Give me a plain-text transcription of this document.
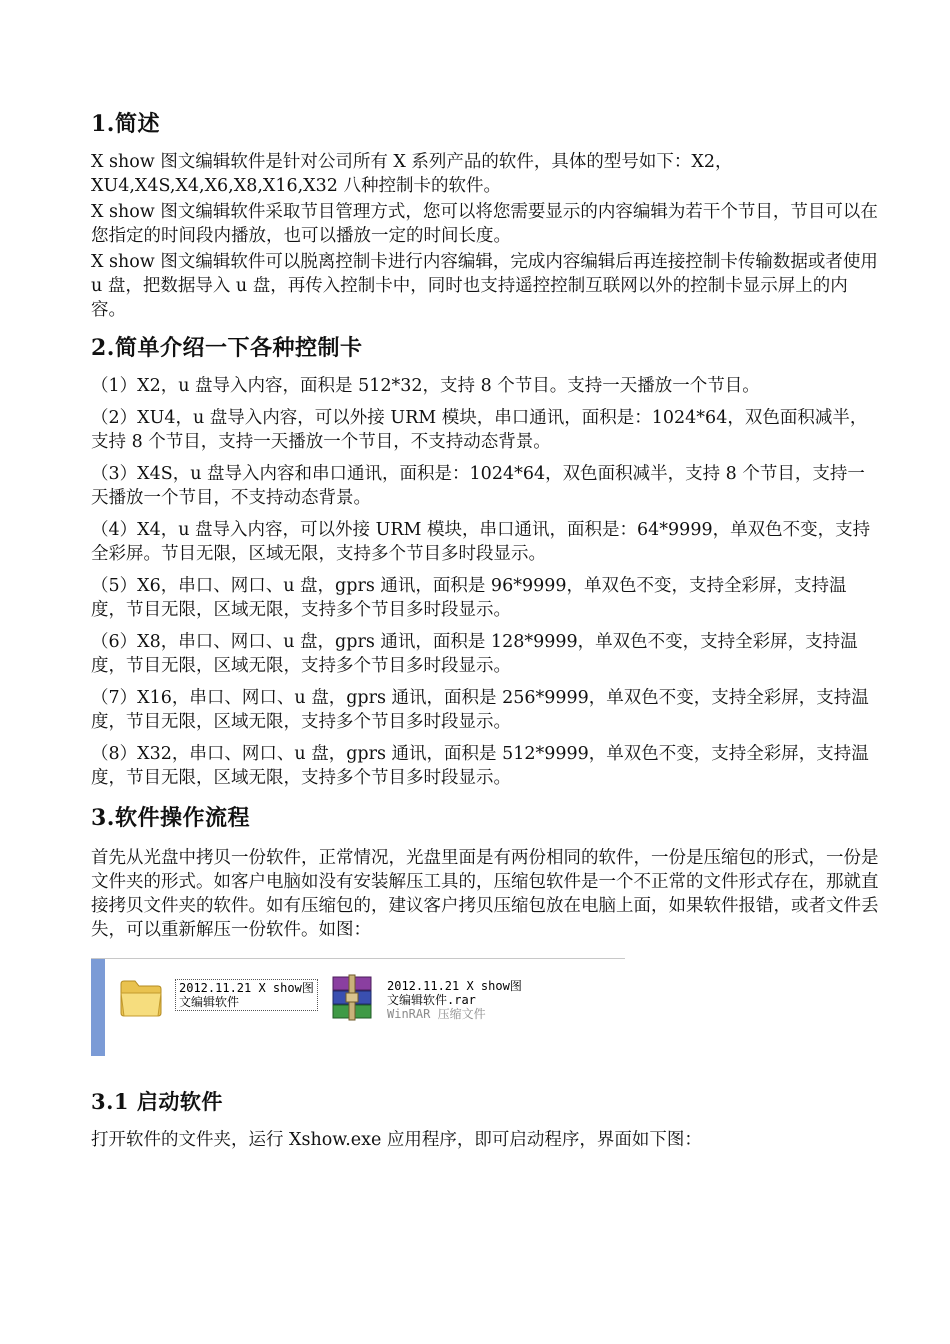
1.简述

X show 图文编辑软件是针对公司所有 X 系列产品的软件，具体的型号如下：X2，XU4,X4S,X4,X6,X8,X16,X32 八种控制卡的软件。

X show 图文编辑软件采取节目管理方式，您可以将您需要显示的内容编辑为若干个节目，节目可以在您指定的时间段内播放，也可以播放一定的时间长度。

X show 图文编辑软件可以脱离控制卡进行内容编辑，完成内容编辑后再连接控制卡传输数据或者使用 u 盘，把数据导入 u 盘，再传入控制卡中，同时也支持遥控控制互联网以外的控制卡显示屏上的内容。

2.简单介绍一下各种控制卡

（1）X2，u 盘导入内容，面积是 512*32，支持 8 个节目。支持一天播放一个节目。

（2）XU4，u 盘导入内容，可以外接 URM 模块，串口通讯，面积是：1024*64，双色面积减半，支持 8 个节目，支持一天播放一个节目，不支持动态背景。

（3）X4S，u 盘导入内容和串口通讯，面积是：1024*64，双色面积减半，支持 8 个节目，支持一天播放一个节目，不支持动态背景。

（4）X4，u 盘导入内容，可以外接 URM 模块，串口通讯，面积是：64*9999，单双色不变，支持全彩屏。节目无限，区域无限，支持多个节目多时段显示。

（5）X6，串口、网口、u 盘，gprs 通讯，面积是 96*9999，单双色不变，支持全彩屏，支持温度，节目无限，区域无限，支持多个节目多时段显示。

（6）X8，串口、网口、u 盘，gprs 通讯，面积是 128*9999，单双色不变，支持全彩屏，支持温度，节目无限，区域无限，支持多个节目多时段显示。

（7）X16，串口、网口、u 盘，gprs 通讯，面积是 256*9999，单双色不变，支持全彩屏，支持温度，节目无限，区域无限，支持多个节目多时段显示。

（8）X32，串口、网口、u 盘，gprs 通讯，面积是 512*9999，单双色不变，支持全彩屏，支持温度，节目无限，区域无限，支持多个节目多时段显示。

3.软件操作流程

首先从光盘中拷贝一份软件，正常情况，光盘里面是有两份相同的软件，一份是压缩包的形式，一份是文件夹的形式。如客户电脑如没有安装解压工具的，压缩包软件是一个不正常的文件形式存在，那就直接拷贝文件夹的软件。如有压缩包的，建议客户拷贝压缩包放在电脑上面，如果软件报错，或者文件丢失，可以重新解压一份软件。如图：

2012.11.21 X show图
文编辑软件
2012.11.21 X show图
文编辑软件.rar
WinRAR 压缩文件
3.1 启动软件

打开软件的文件夹，运行 Xshow.exe 应用程序，即可启动程序，界面如下图：
